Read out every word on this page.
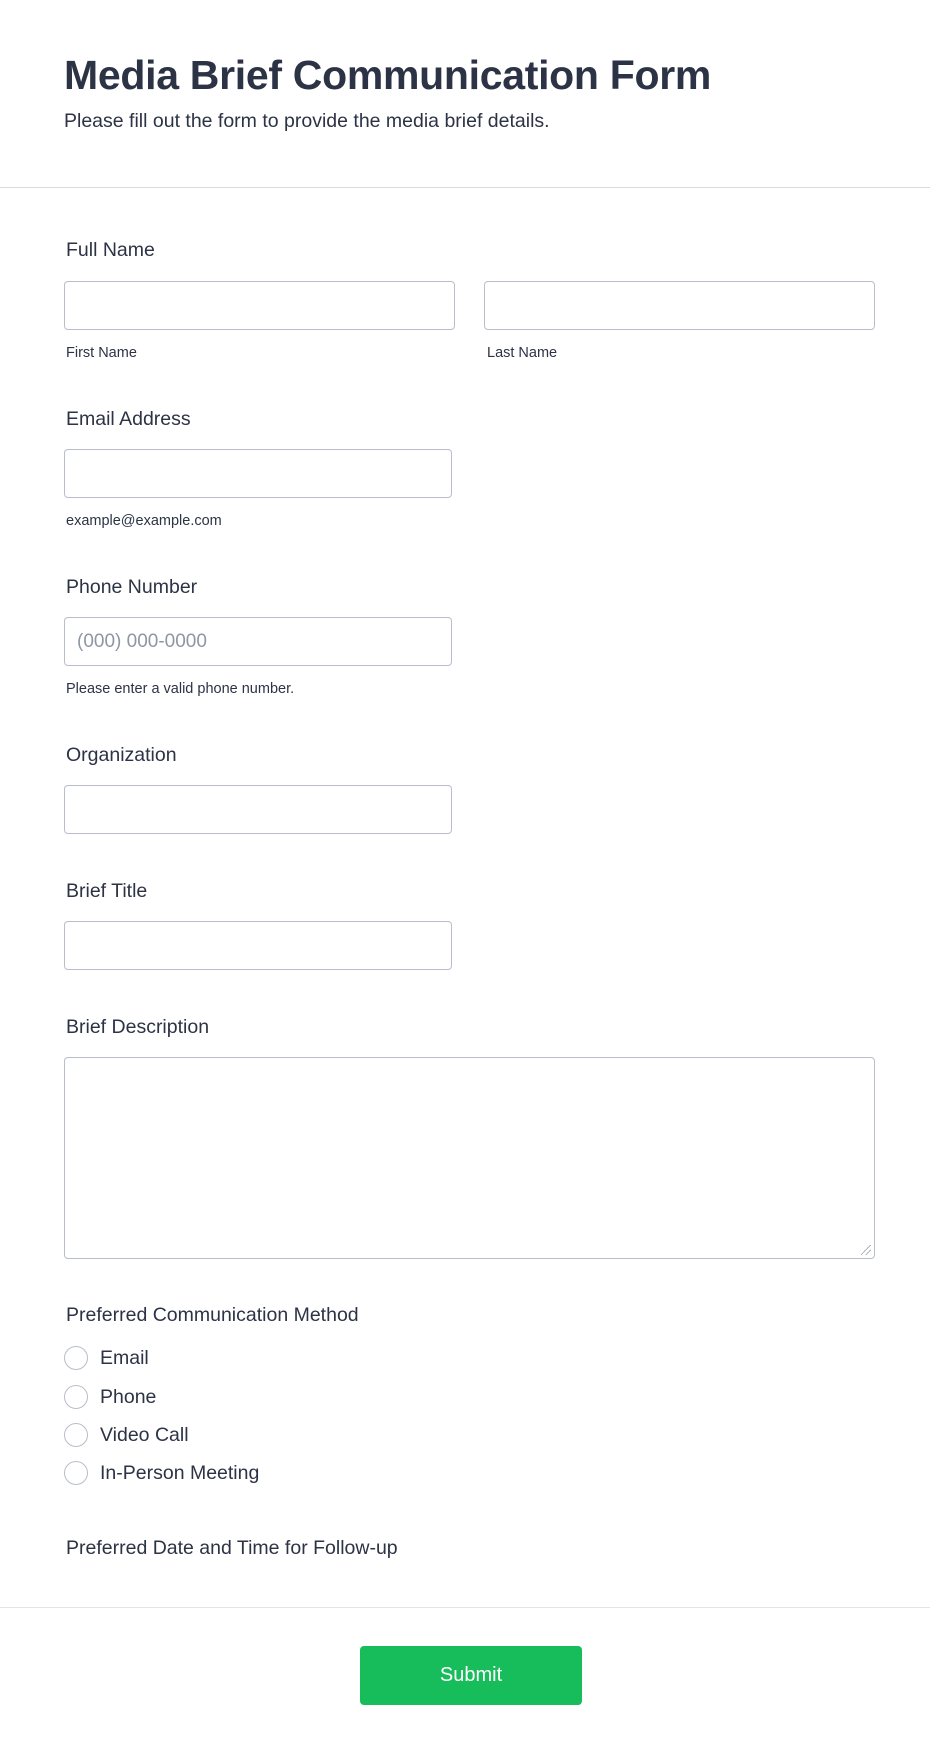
Media Brief Communication Form
Please fill out the form to provide the media brief details.
Full Name
First Name	Last Name
Email Address
example@example.com
Phone Number
(000) 000-0000
Please enter a valid phone number.
Organization
Brief Title
Brief Description
Preferred Communication Method
Email
Phone
Video Call
In-Person Meeting
Preferred Date and Time for Follow-up
Submit
